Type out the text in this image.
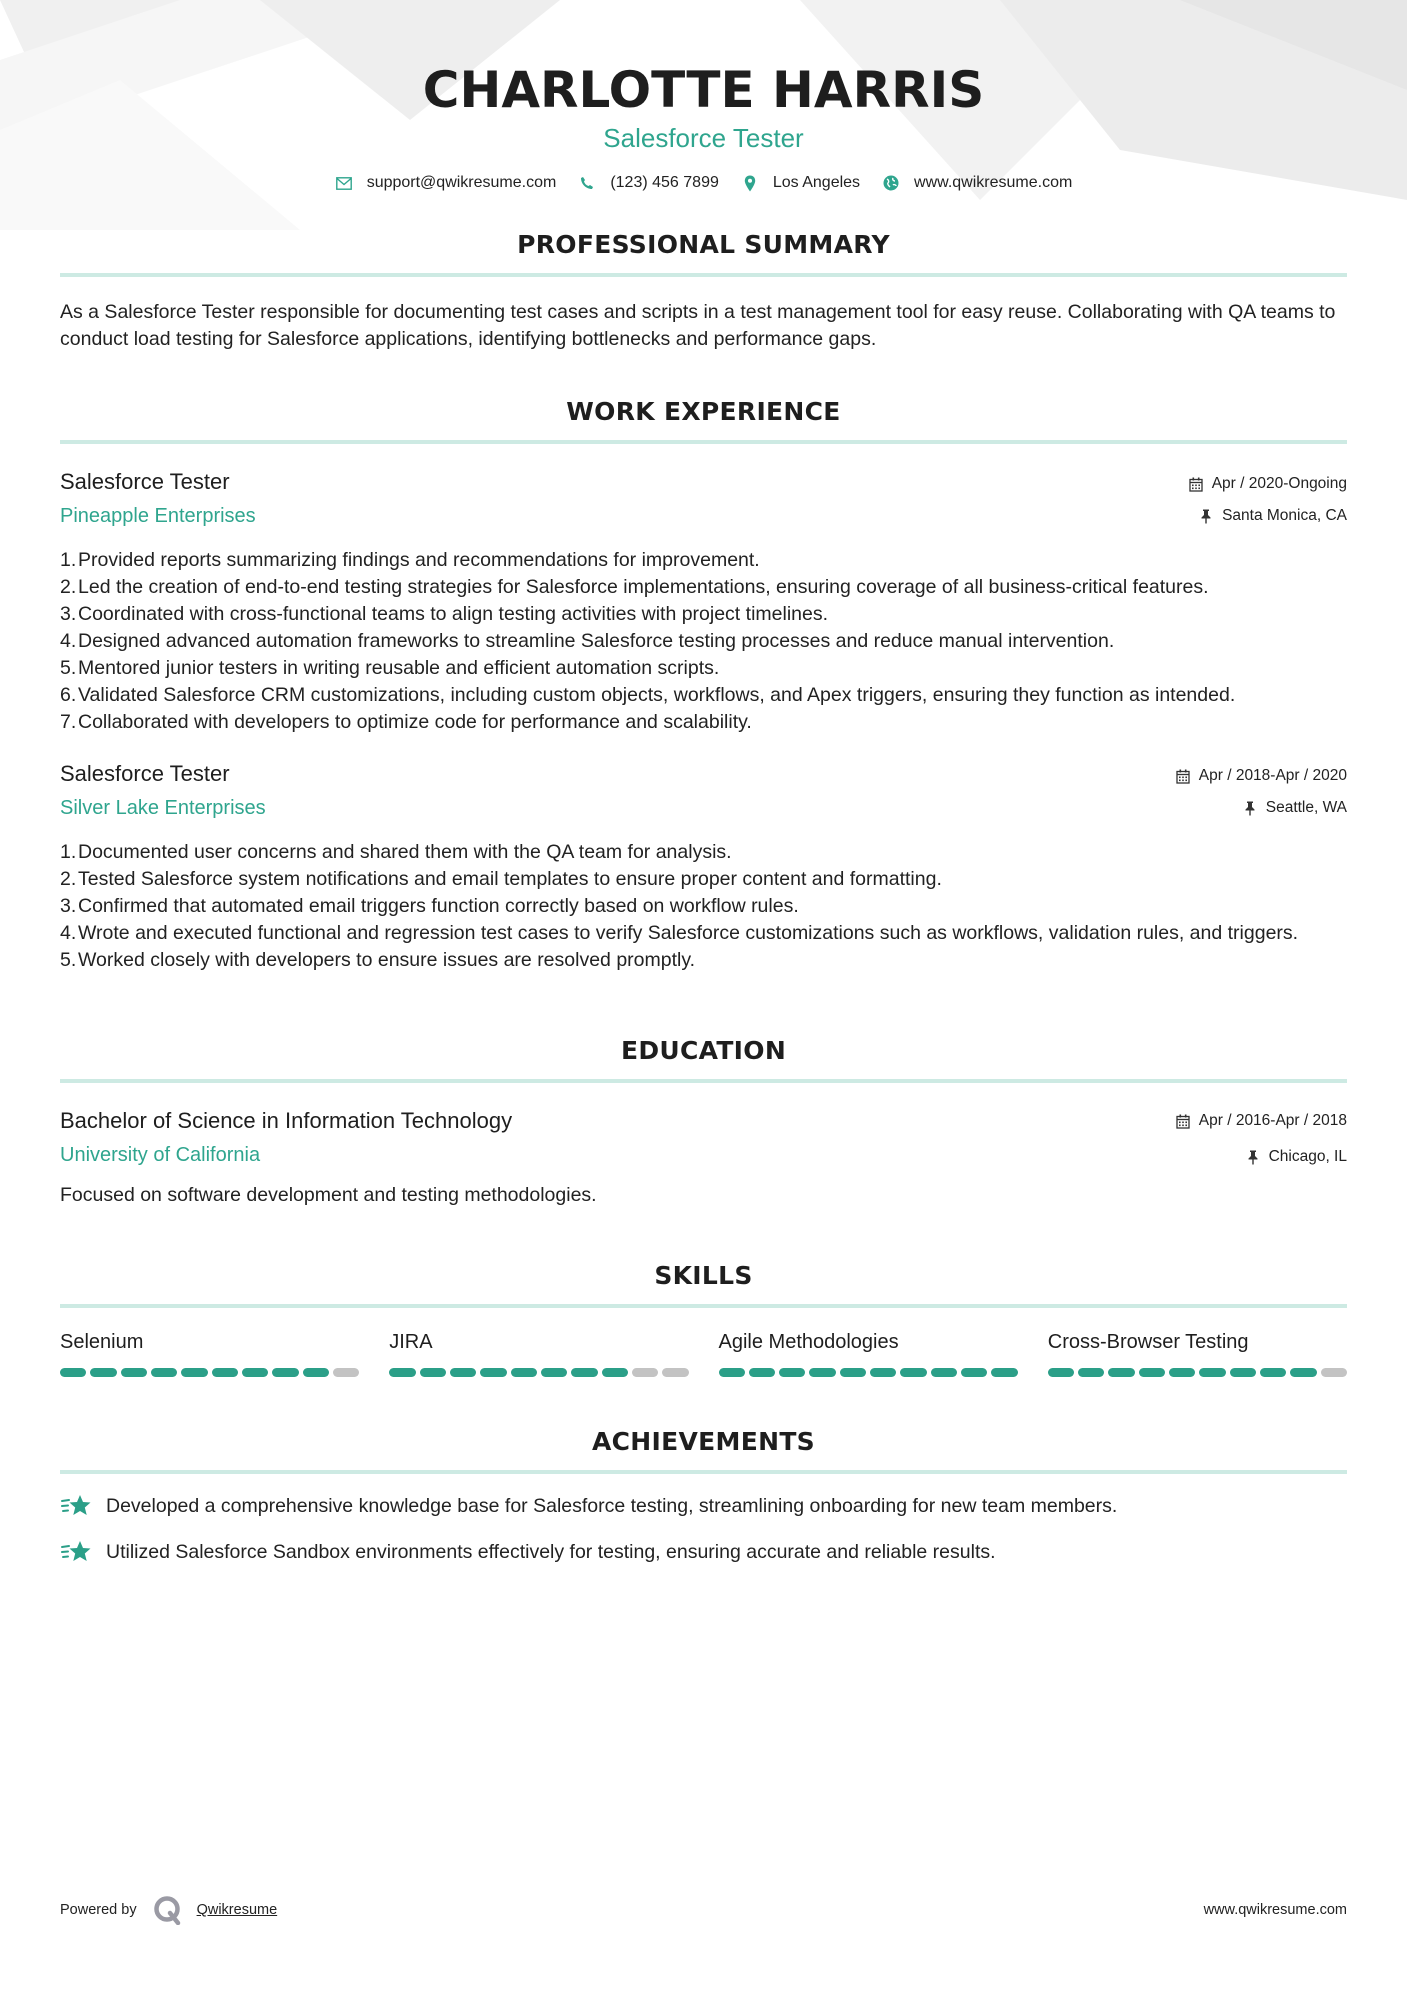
CHARLOTTE HARRIS
Salesforce Tester
support@qwikresume.com	(123) 456 7899	Los Angeles	www.qwikresume.com
PROFESSIONAL SUMMARY

As a Salesforce Tester responsible for documenting test cases and scripts in a test management tool for easy reuse. Collaborating with QA teams to conduct load testing for Salesforce applications, identifying bottlenecks and performance gaps.

WORK EXPERIENCE
Salesforce Tester
Pineapple Enterprises
Apr / 2020-Ongoing
Santa Monica, CA
1. Provided reports summarizing findings and recommendations for improvement.
2. Led the creation of end-to-end testing strategies for Salesforce implementations, ensuring coverage of all business-critical features.
3. Coordinated with cross-functional teams to align testing activities with project timelines.
4. Designed advanced automation frameworks to streamline Salesforce testing processes and reduce manual intervention.
5. Mentored junior testers in writing reusable and efficient automation scripts.
6. Validated Salesforce CRM customizations, including custom objects, workflows, and Apex triggers, ensuring they function as intended.
7. Collaborated with developers to optimize code for performance and scalability.
Salesforce Tester
Silver Lake Enterprises
Apr / 2018-Apr / 2020
Seattle, WA
1. Documented user concerns and shared them with the QA team for analysis.
2. Tested Salesforce system notifications and email templates to ensure proper content and formatting.
3. Confirmed that automated email triggers function correctly based on workflow rules.
4. Wrote and executed functional and regression test cases to verify Salesforce customizations such as workflows, validation rules, and triggers.
5. Worked closely with developers to ensure issues are resolved promptly.
EDUCATION
Bachelor of Science in Information Technology
University of California
Apr / 2016-Apr / 2018
Chicago, IL

Focused on software development and testing methodologies.

SKILLS
Selenium	JIRA	Agile Methodologies	Cross-Browser Testing
ACHIEVEMENTS
Developed a comprehensive knowledge base for Salesforce testing, streamlining onboarding for new team members.
Utilized Salesforce Sandbox environments effectively for testing, ensuring accurate and reliable results.
Powered by	Qwikresume	www.qwikresume.com
